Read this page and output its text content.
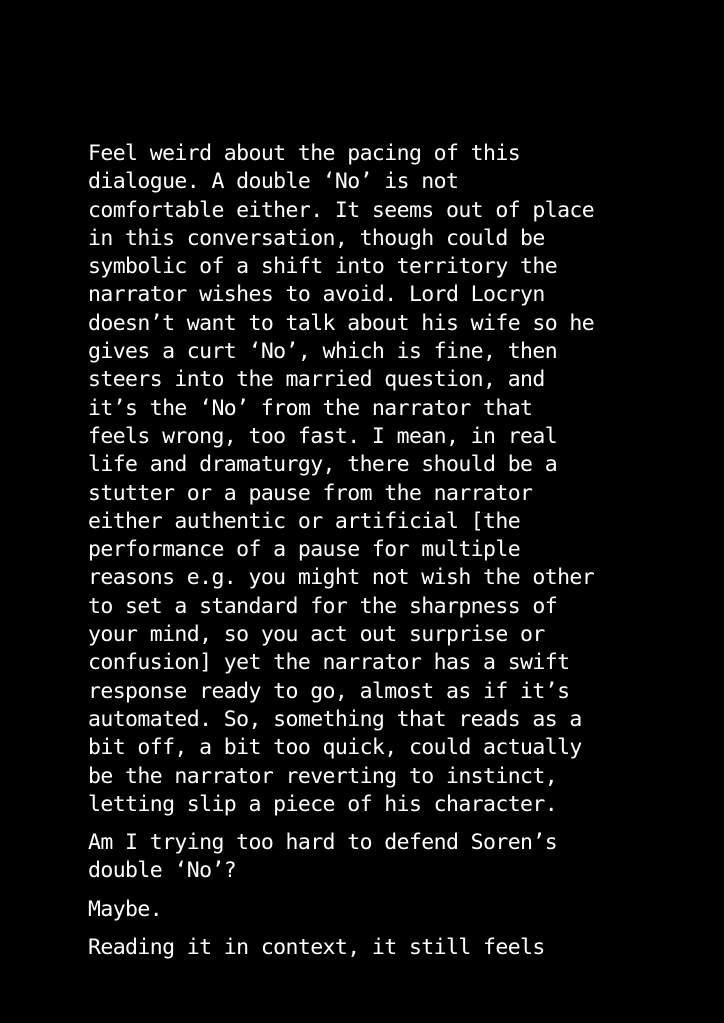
Feel weird about the pacing of this
dialogue. A double ‘No’ is not
comfortable either. It seems out of place
in this conversation, though could be
symbolic of a shift into territory the
narrator wishes to avoid. Lord Locryn
doesn’t want to talk about his wife so he
gives a curt ‘No’, which is fine, then
steers into the married question, and
it’s the ‘No’ from the narrator that
feels wrong, too fast. I mean, in real
life and dramaturgy, there should be a
stutter or a pause from the narrator
either authentic or artificial [the
performance of a pause for multiple
reasons e.g. you might not wish the other
to set a standard for the sharpness of
your mind, so you act out surprise or
confusion] yet the narrator has a swift
response ready to go, almost as if it’s
automated. So, something that reads as a
bit off, a bit too quick, could actually
be the narrator reverting to instinct,
letting slip a piece of his character.

Am I trying too hard to defend Soren’s
double ‘No’?

Maybe.

Reading it in context, it still feels
